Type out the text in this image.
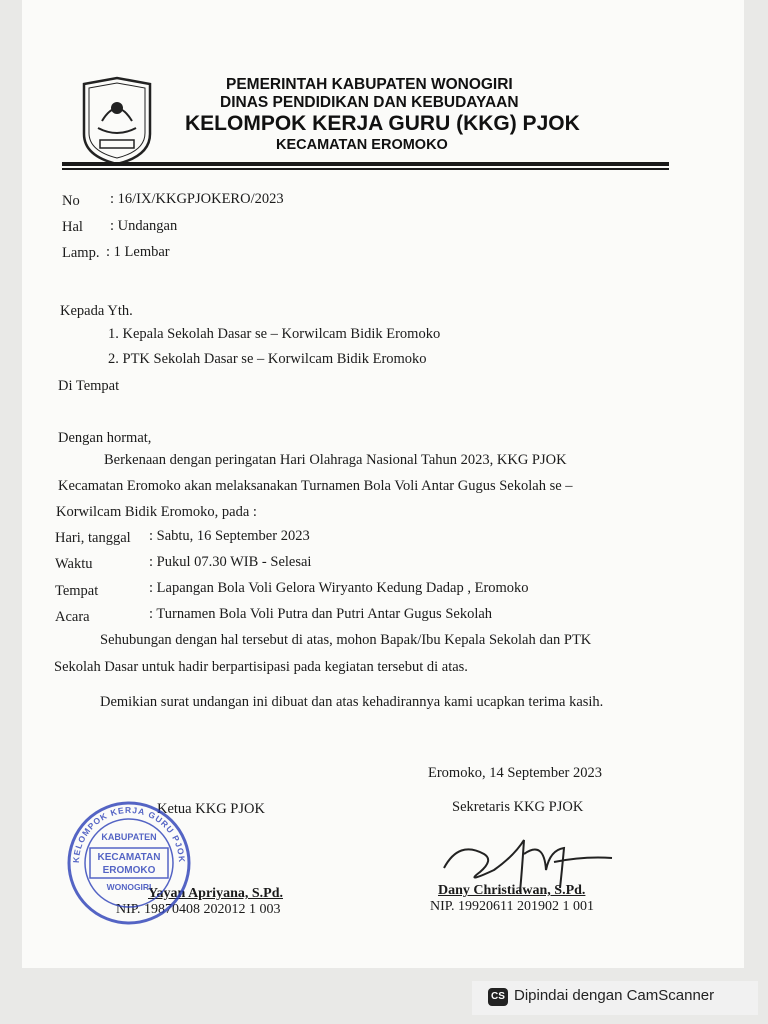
PEMERINTAH KABUPATEN WONOGIRI
DINAS PENDIDIKAN DAN KEBUDAYAAN
KELOMPOK KERJA GURU (KKG) PJOK
KECAMATAN EROMOKO
No : 16/IX/KKGPJOKERO/2023
Hal : Undangan
Lamp. : 1 Lembar
Kepada Yth.
1. Kepala Sekolah Dasar se – Korwilcam Bidik Eromoko
2. PTK Sekolah Dasar se – Korwilcam Bidik Eromoko
Di Tempat
Dengan hormat,
Berkenaan dengan peringatan Hari Olahraga Nasional Tahun 2023, KKG PJOK
Kecamatan Eromoko akan melaksanakan Turnamen Bola Voli Antar Gugus Sekolah se –
Korwilcam Bidik Eromoko, pada :
Hari, tanggal : Sabtu, 16 September 2023
Waktu	: Pukul 07.30 WIB - Selesai
Tempat	: Lapangan Bola Voli Gelora Wiryanto Kedung Dadap , Eromoko
Acara	: Turnamen Bola Voli Putra dan Putri Antar Gugus Sekolah
Sehubungan dengan hal tersebut di atas, mohon Bapak/Ibu Kepala Sekolah dan PTK
Sekolah Dasar untuk hadir berpartisipasi pada kegiatan tersebut di atas.
Demikian surat undangan ini dibuat dan atas kehadirannya kami ucapkan terima kasih.
Eromoko, 14 September 2023
Ketua KKG PJOK	Sekretaris KKG PJOK
Yayan Apriyana, S.Pd.
NIP. 19870408 202012 1 003
Dany Christiawan, S.Pd.
NIP. 19920611 201902 1 001
KELOMPOK KERJA GURU PJOK
KABUPATEN
KECAMATAN
EROMOKO
WONOGIRI
CS Dipindai dengan CamScanner
